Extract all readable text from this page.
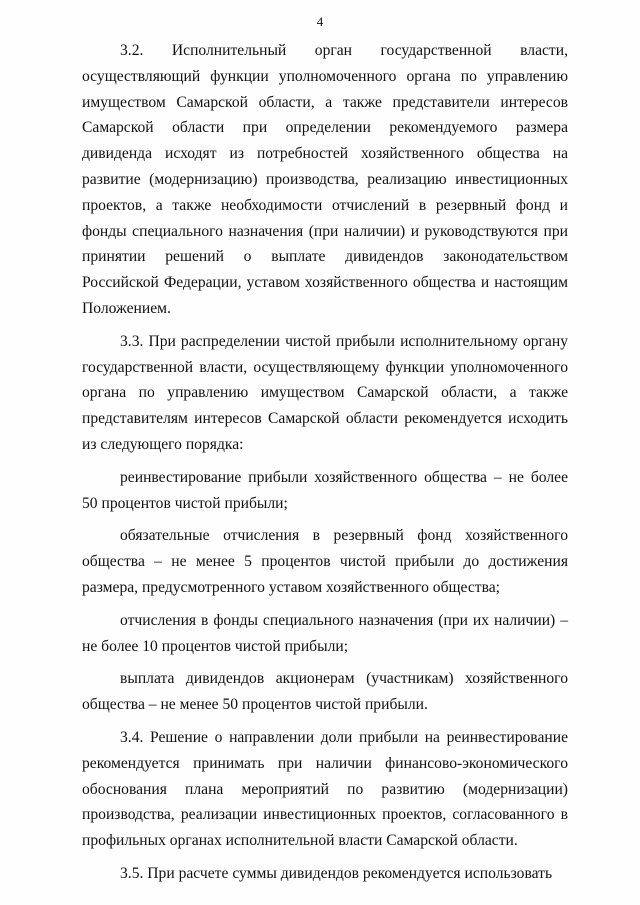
4

3.2. Исполнительный орган государственной власти, осуществляющий функции уполномоченного органа по управлению имуществом Самарской области, а также представители интересов Самарской области при определении рекомендуемого размера дивиденда исходят из потребностей хозяйственного общества на развитие (модернизацию) производства, реализацию инвестиционных проектов, а также необходимости отчислений в резервный фонд и фонды специального назначения (при наличии) и руководствуются при принятии решений о выплате дивидендов законодательством Российской Федерации, уставом хозяйственного общества и настоящим Положением.

3.3. При распределении чистой прибыли исполнительному органу государственной власти, осуществляющему функции уполномоченного органа по управлению имуществом Самарской области, а также представителям интересов Самарской области рекомендуется исходить из следующего порядка:

реинвестирование прибыли хозяйственного общества – не более 50 процентов чистой прибыли;

обязательные отчисления в резервный фонд хозяйственного общества – не менее 5 процентов чистой прибыли до достижения размера, предусмотренного уставом хозяйственного общества;

отчисления в фонды специального назначения (при их наличии) – не более 10 процентов чистой прибыли;

выплата дивидендов акционерам (участникам) хозяйственного общества – не менее 50 процентов чистой прибыли.

3.4. Решение о направлении доли прибыли на реинвестирование рекомендуется принимать при наличии финансово-экономического обоснования плана мероприятий по развитию (модернизации) производства, реализации инвестиционных проектов, согласованного в профильных органах исполнительной власти Самарской области.

3.5. При расчете суммы дивидендов рекомендуется использовать
